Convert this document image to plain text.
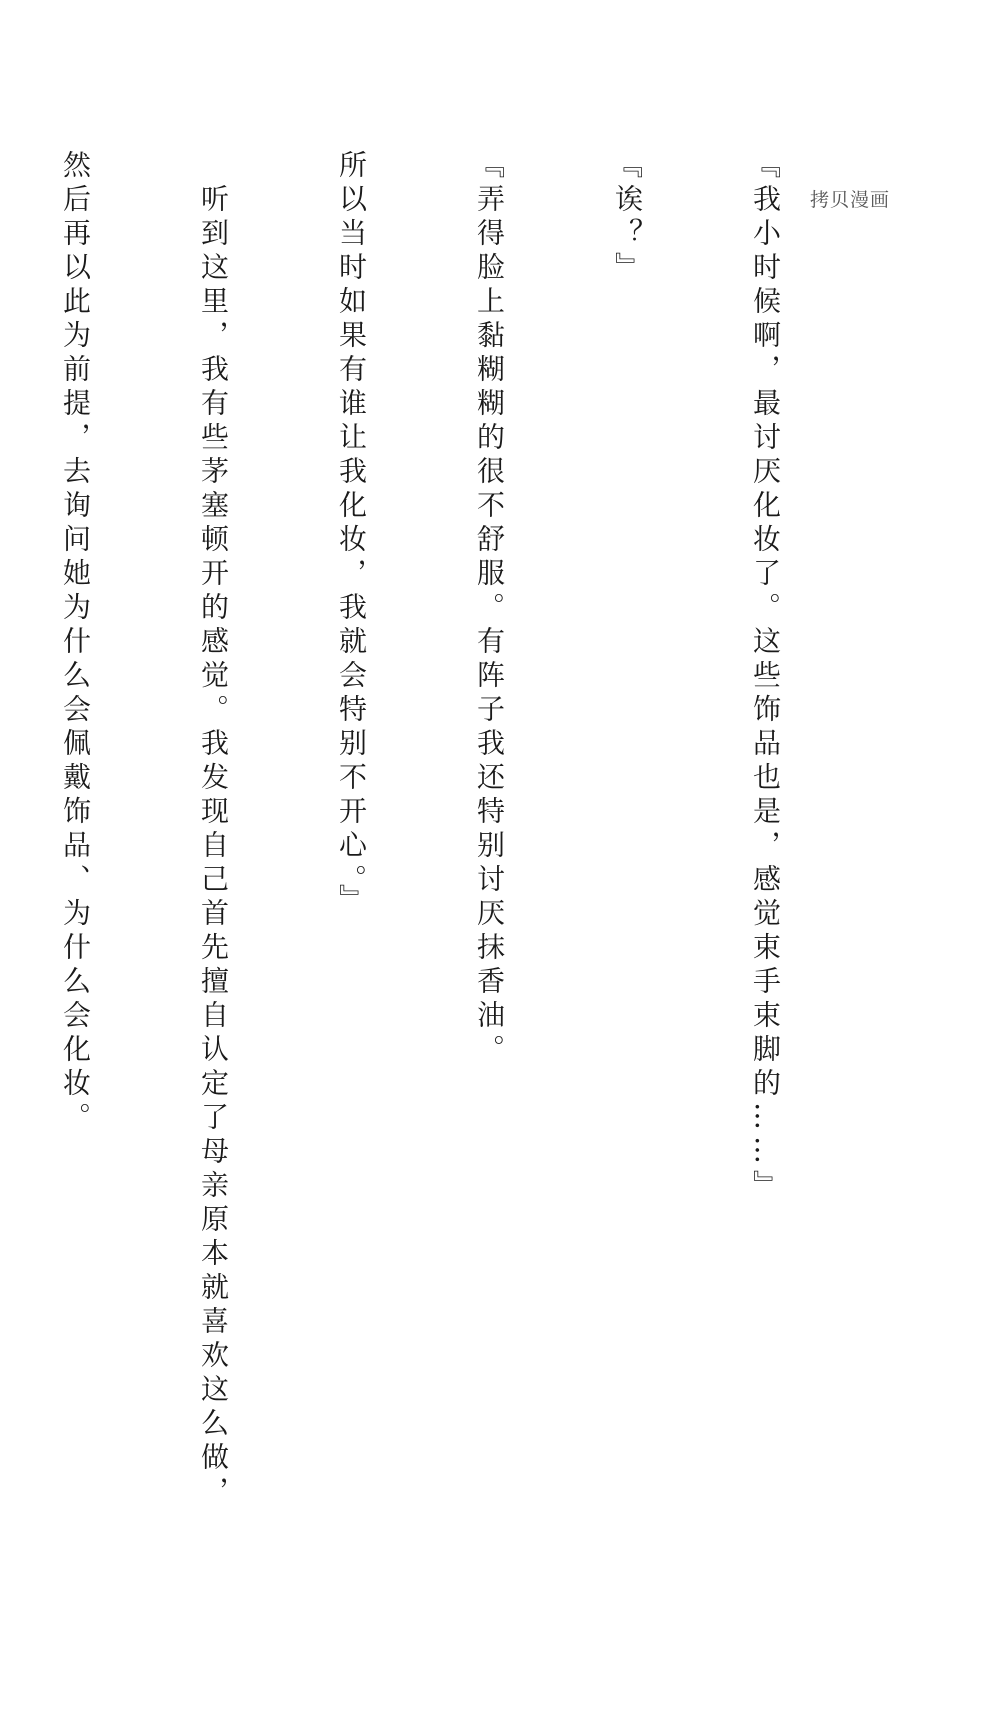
『我小时候啊，最讨厌化妆了。这些饰品也是，感觉束手束脚的……』

『诶？』

『弄得脸上黏糊糊的很不舒服。有阵子我还特别讨厌抹香油。

所以当时如果有谁让我化妆，我就会特别不开心。』

　听到这里，我有些茅塞顿开的感觉。我发现自己首先擅自认定了母亲原本就喜欢这么做，

然后再以此为前提，去询问她为什么会佩戴饰品、为什么会化妆。

	拷贝漫画
